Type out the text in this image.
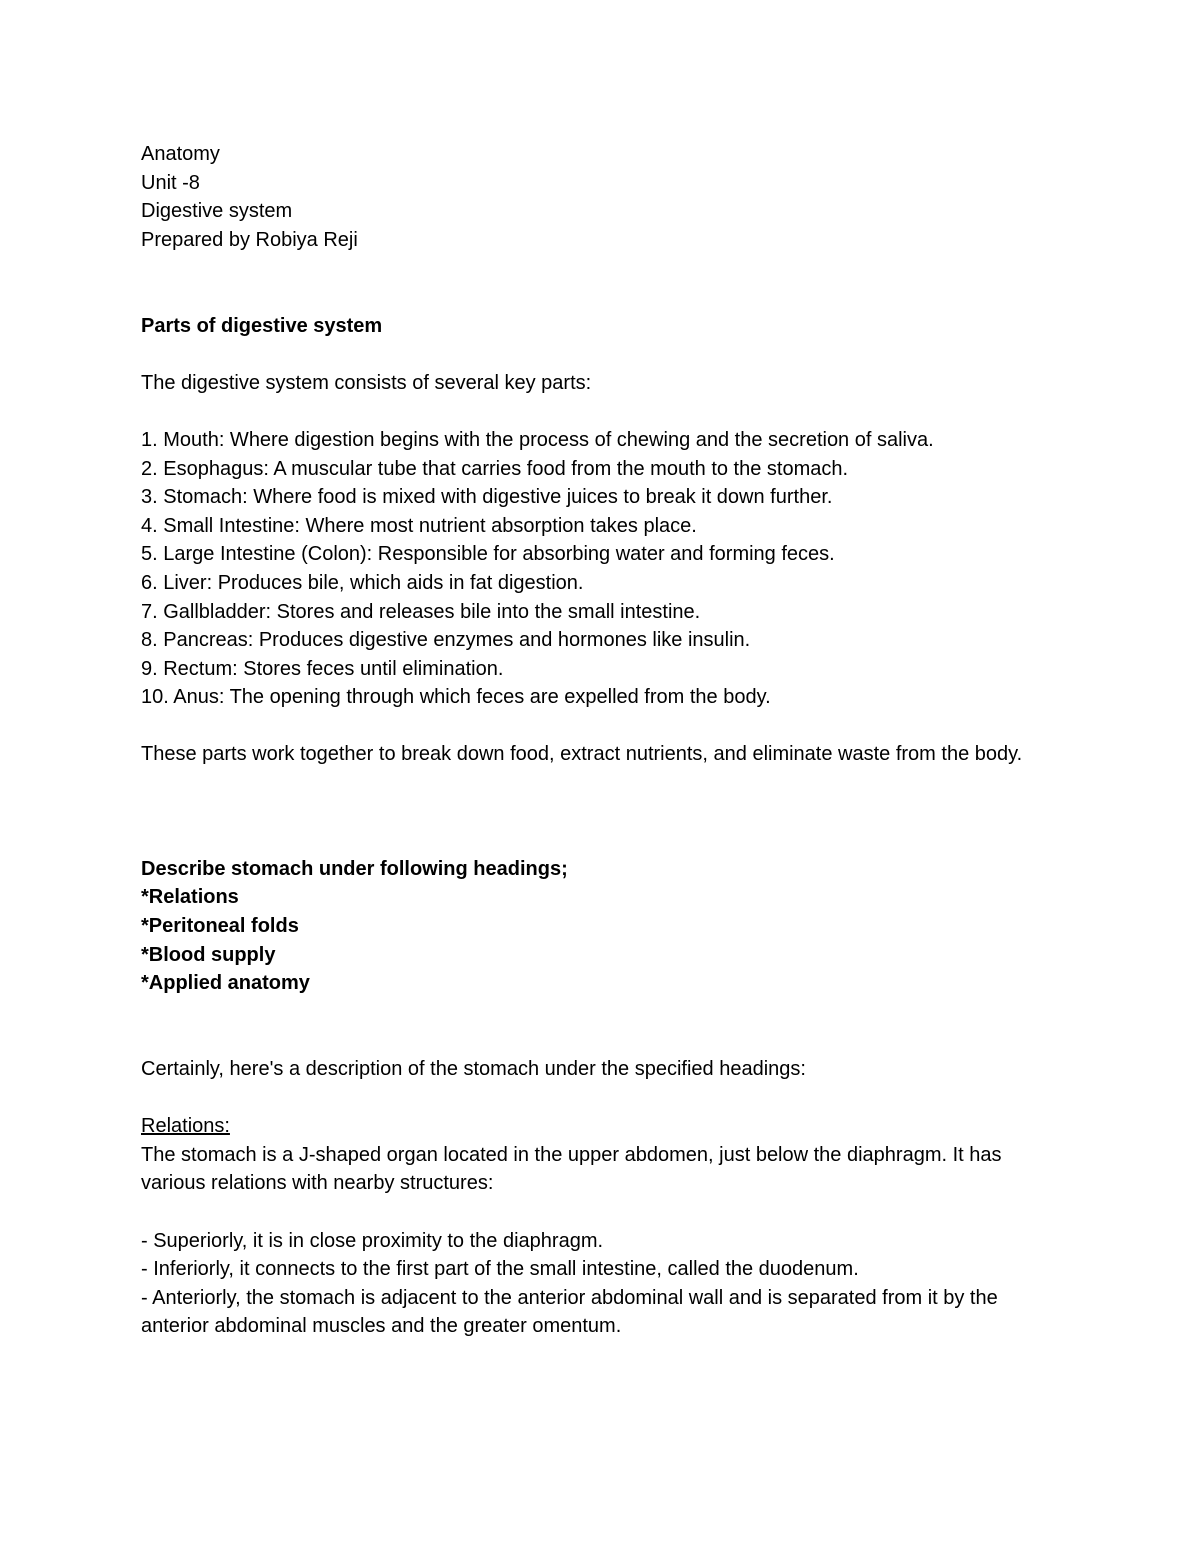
Anatomy
Unit -8
Digestive system
Prepared by Robiya Reji
Parts of digestive system
The digestive system consists of several key parts:
1. Mouth: Where digestion begins with the process of chewing and the secretion of saliva.
2. Esophagus: A muscular tube that carries food from the mouth to the stomach.
3. Stomach: Where food is mixed with digestive juices to break it down further.
4. Small Intestine: Where most nutrient absorption takes place.
5. Large Intestine (Colon): Responsible for absorbing water and forming feces.
6. Liver: Produces bile, which aids in fat digestion.
7. Gallbladder: Stores and releases bile into the small intestine.
8. Pancreas: Produces digestive enzymes and hormones like insulin.
9. Rectum: Stores feces until elimination.
10. Anus: The opening through which feces are expelled from the body.

These parts work together to break down food, extract nutrients, and eliminate waste from the body.

Describe stomach under following headings;
*Relations
*Peritoneal folds
*Blood supply
*Applied anatomy
Certainly, here's a description of the stomach under the specified headings:
Relations:

The stomach is a J-shaped organ located in the upper abdomen, just below the diaphragm. It has various relations with nearby structures:

- Superiorly, it is in close proximity to the diaphragm.

- Inferiorly, it connects to the first part of the small intestine, called the duodenum.

- Anteriorly, the stomach is adjacent to the anterior abdominal wall and is separated from it by the anterior abdominal muscles and the greater omentum.
